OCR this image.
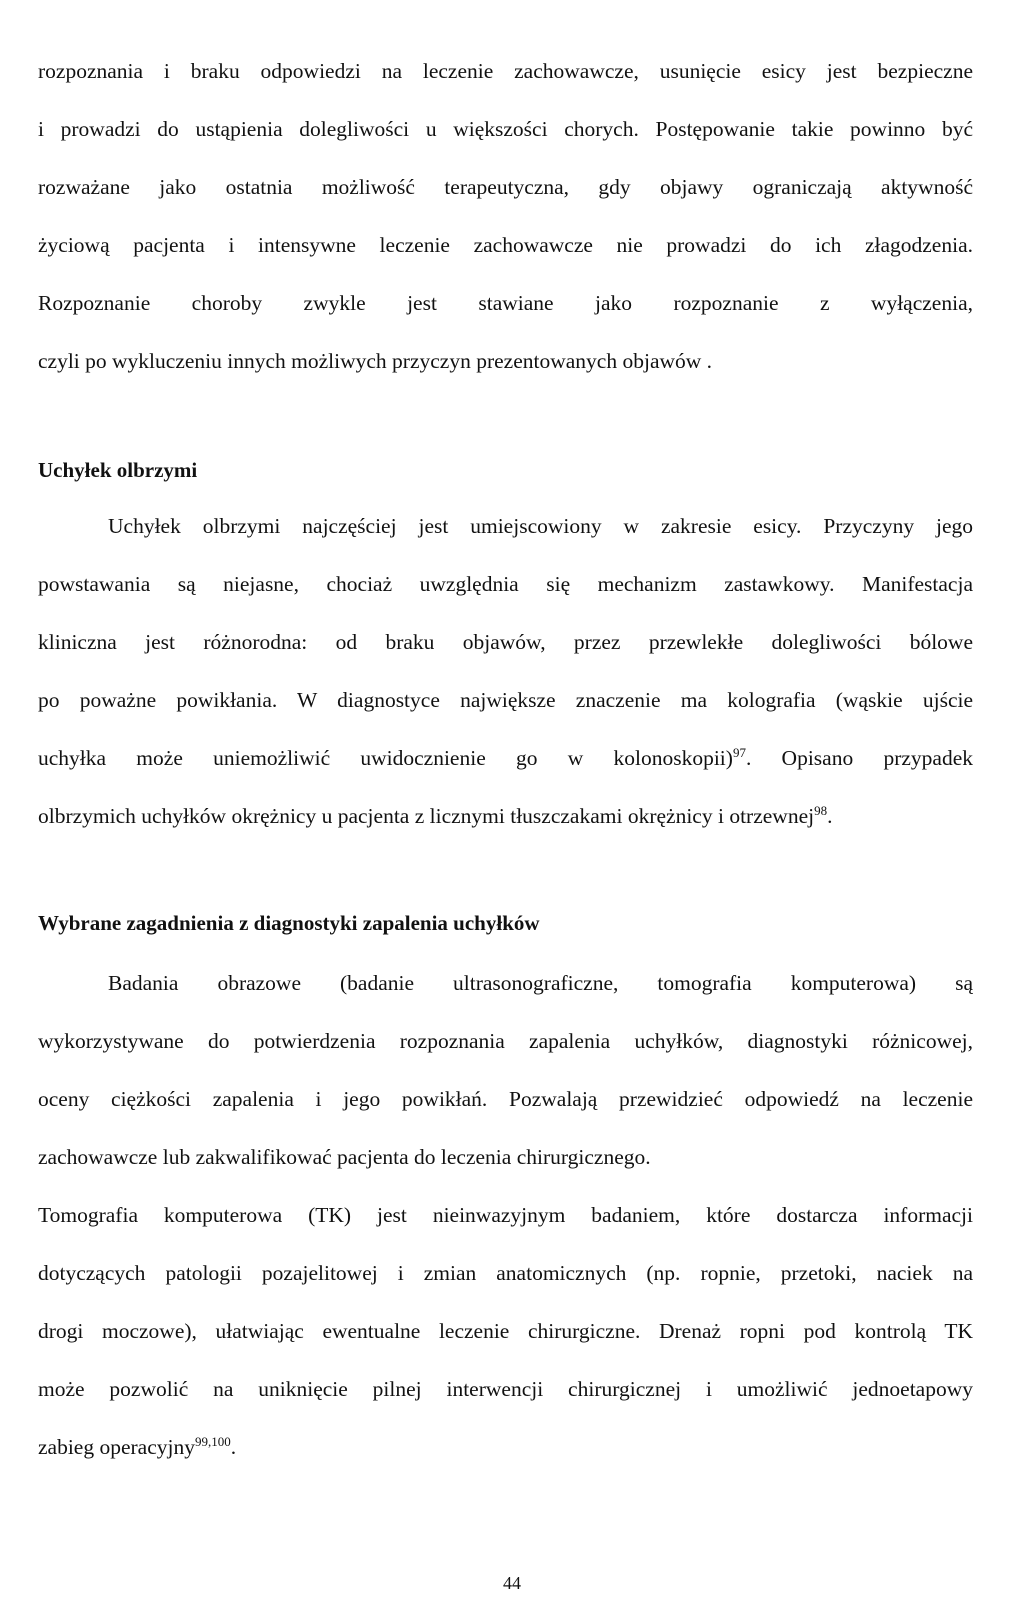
rozpoznania i braku odpowiedzi na leczenie zachowawcze, usunięcie esicy jest bezpieczne
i prowadzi do ustąpienia dolegliwości u większości chorych. Postępowanie takie powinno być
rozważane jako ostatnia możliwość terapeutyczna, gdy objawy ograniczają aktywność
życiową pacjenta i intensywne leczenie zachowawcze nie prowadzi do ich złagodzenia.
Rozpoznanie choroby zwykle jest stawiane jako rozpoznanie z wyłączenia,
czyli po wykluczeniu innych możliwych przyczyn prezentowanych objawów .
Uchyłek olbrzymi
Uchyłek olbrzymi najczęściej jest umiejscowiony w zakresie esicy. Przyczyny jego
powstawania są niejasne, chociaż uwzględnia się mechanizm zastawkowy. Manifestacja
kliniczna jest różnorodna: od braku objawów, przez przewlekłe dolegliwości bólowe
po poważne powikłania. W diagnostyce największe znaczenie ma kolografia (wąskie ujście
uchyłka może uniemożliwić uwidocznienie go w kolonoskopii)$^{97}$. Opisano przypadek
olbrzymich uchyłków okrężnicy u pacjenta z licznymi tłuszczakami okrężnicy i otrzewnej$^{98}$.
Wybrane zagadnienia z diagnostyki zapalenia uchyłków
Badania obrazowe (badanie ultrasonograficzne, tomografia komputerowa) są
wykorzystywane do potwierdzenia rozpoznania zapalenia uchyłków, diagnostyki różnicowej,
oceny ciężkości zapalenia i jego powikłań. Pozwalają przewidzieć odpowiedź na leczenie
zachowawcze lub zakwalifikować pacjenta do leczenia chirurgicznego.
Tomografia komputerowa (TK) jest nieinwazyjnym badaniem, które dostarcza informacji
dotyczących patologii pozajelitowej i zmian anatomicznych (np. ropnie, przetoki, naciek na
drogi moczowe), ułatwiając ewentualne leczenie chirurgiczne. Drenaż ropni pod kontrolą TK
może pozwolić na uniknięcie pilnej interwencji chirurgicznej i umożliwić jednoetapowy
zabieg operacyjny$^{99,100}$.
44
